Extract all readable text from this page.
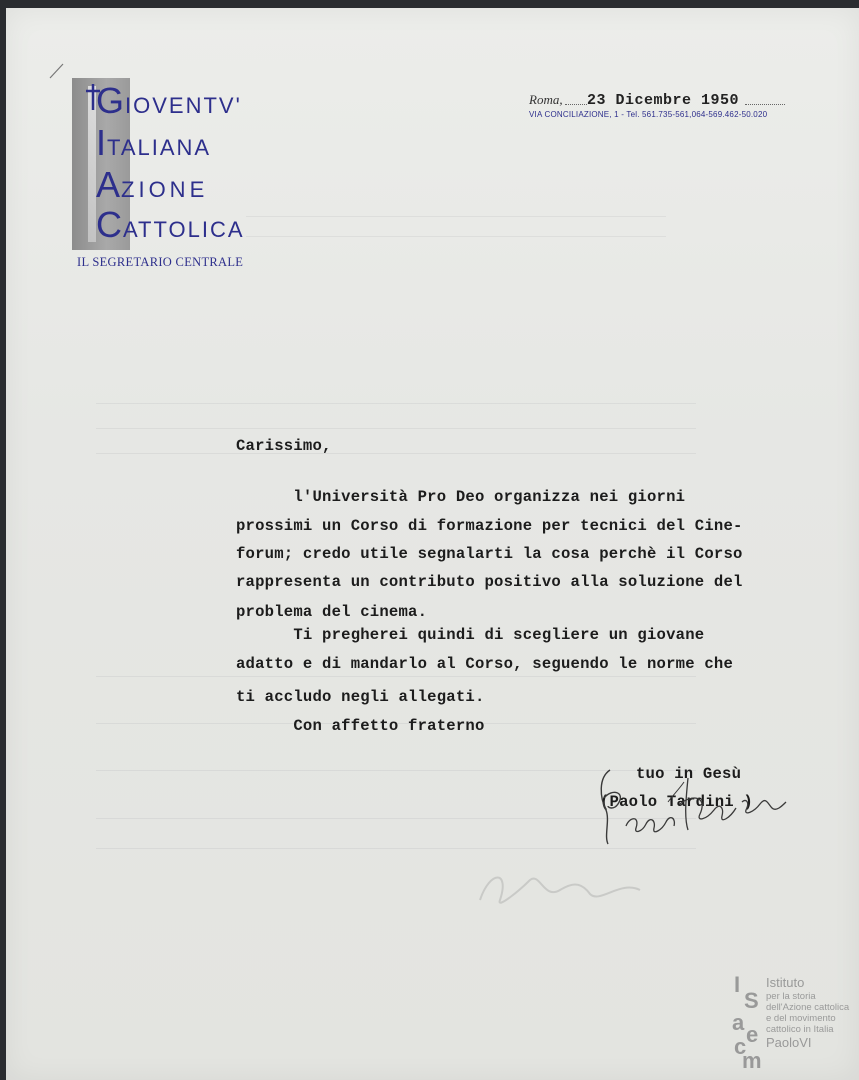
GIOVENTV'
ITALIANA
AZIONE
CATTOLICA
IL SEGRETARIO CENTRALE
Roma, 23 Dicembre 1950
VIA CONCILIAZIONE, 1 - Tel. 561.735-561,064-569.462-50.020
Carissimo,
l'Università Pro Deo organizza nei giorni
prossimi un Corso di formazione per tecnici del Cine-
forum; credo utile segnalarti la cosa perchè il Corso
rappresenta un contributo positivo alla soluzione del
problema del cinema.
Ti pregherei quindi di scegliere un giovane
adatto e di mandarlo al Corso, seguendo le norme che
ti accludo negli allegati.
Con affetto fraterno
tuo in Gesù
(Paolo Tardini )
I
S
a e
c
m
Istituto
per la storia
dell'Azione cattolica
e del movimento
cattolico in Italia
PaoloVI
